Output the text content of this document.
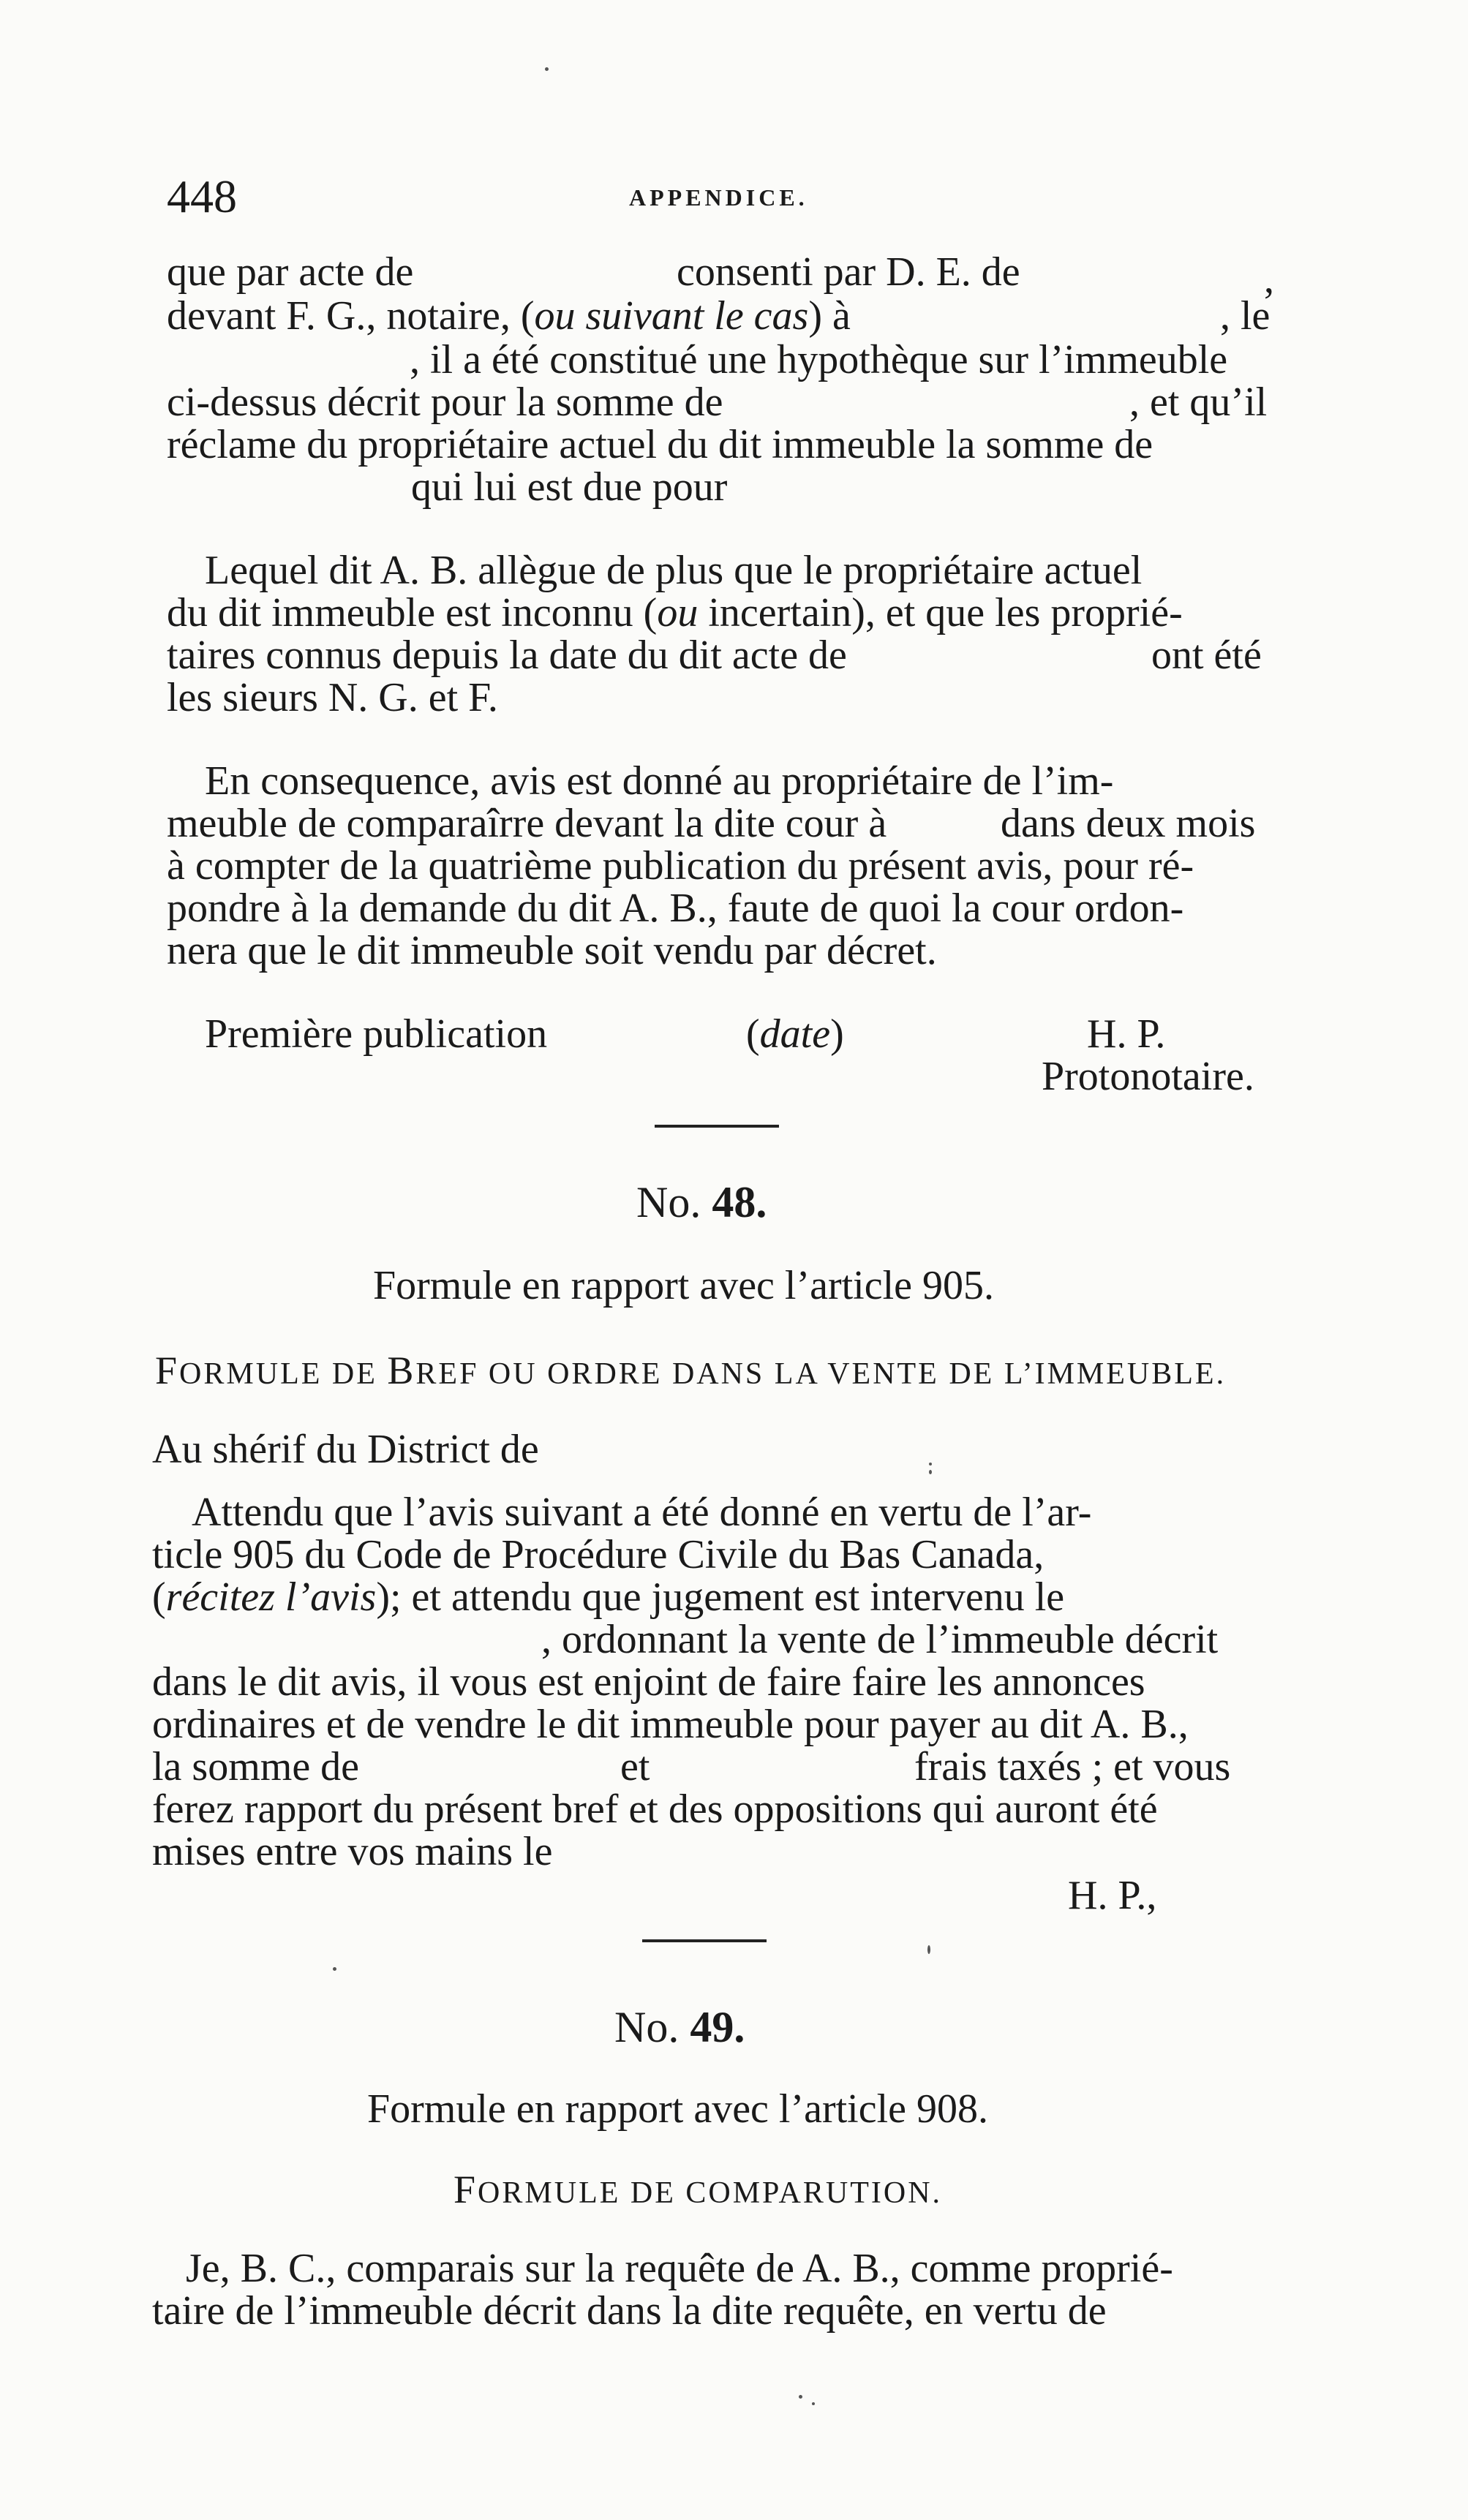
448	APPENDICE.
que par acte de	consenti par D. E. de	,
devant F. G., notaire, (ou suivant le cas) à	, le
, il a été constitué une hypothèque sur l’immeuble
ci-dessus décrit pour la somme de	, et qu’il
réclame du propriétaire actuel du dit immeuble la somme de
qui lui est due pour
Lequel dit A. B. allègue de plus que le propriétaire actuel
du dit immeuble est inconnu (ou incertain), et que les proprié-
taires connus depuis la date du dit acte de	ont été
les sieurs N. G. et F.
En consequence, avis est donné au propriétaire de l’im-
meuble de comparaîrre devant la dite cour à	dans deux mois
à compter de la quatrième publication du présent avis, pour ré-
pondre à la demande du dit A. B., faute de quoi la cour ordon-
nera que le dit immeuble soit vendu par décret.
Première publication	(date)	H. P.
Protonotaire.
No. 48.
Formule en rapport avec l’article 905.
FORMULE DE BREF OU ORDRE DANS LA VENTE DE L’IMMEUBLE.
Au shérif du District de
Attendu que l’avis suivant a été donné en vertu de l’ar-
ticle 905 du Code de Procédure Civile du Bas Canada,
(récitez l’avis); et attendu que jugement est intervenu le
, ordonnant la vente de l’immeuble décrit
dans le dit avis, il vous est enjoint de faire faire les annonces
ordinaires et de vendre le dit immeuble pour payer au dit A. B.,
la somme de	et	frais taxés ; et vous
ferez rapport du présent bref et des oppositions qui auront été
mises entre vos mains le
H. P.,
No. 49.
Formule en rapport avec l’article 908.
FORMULE DE COMPARUTION.
Je, B. C., comparais sur la requête de A. B., comme proprié-
taire de l’immeuble décrit dans la dite requête, en vertu de
